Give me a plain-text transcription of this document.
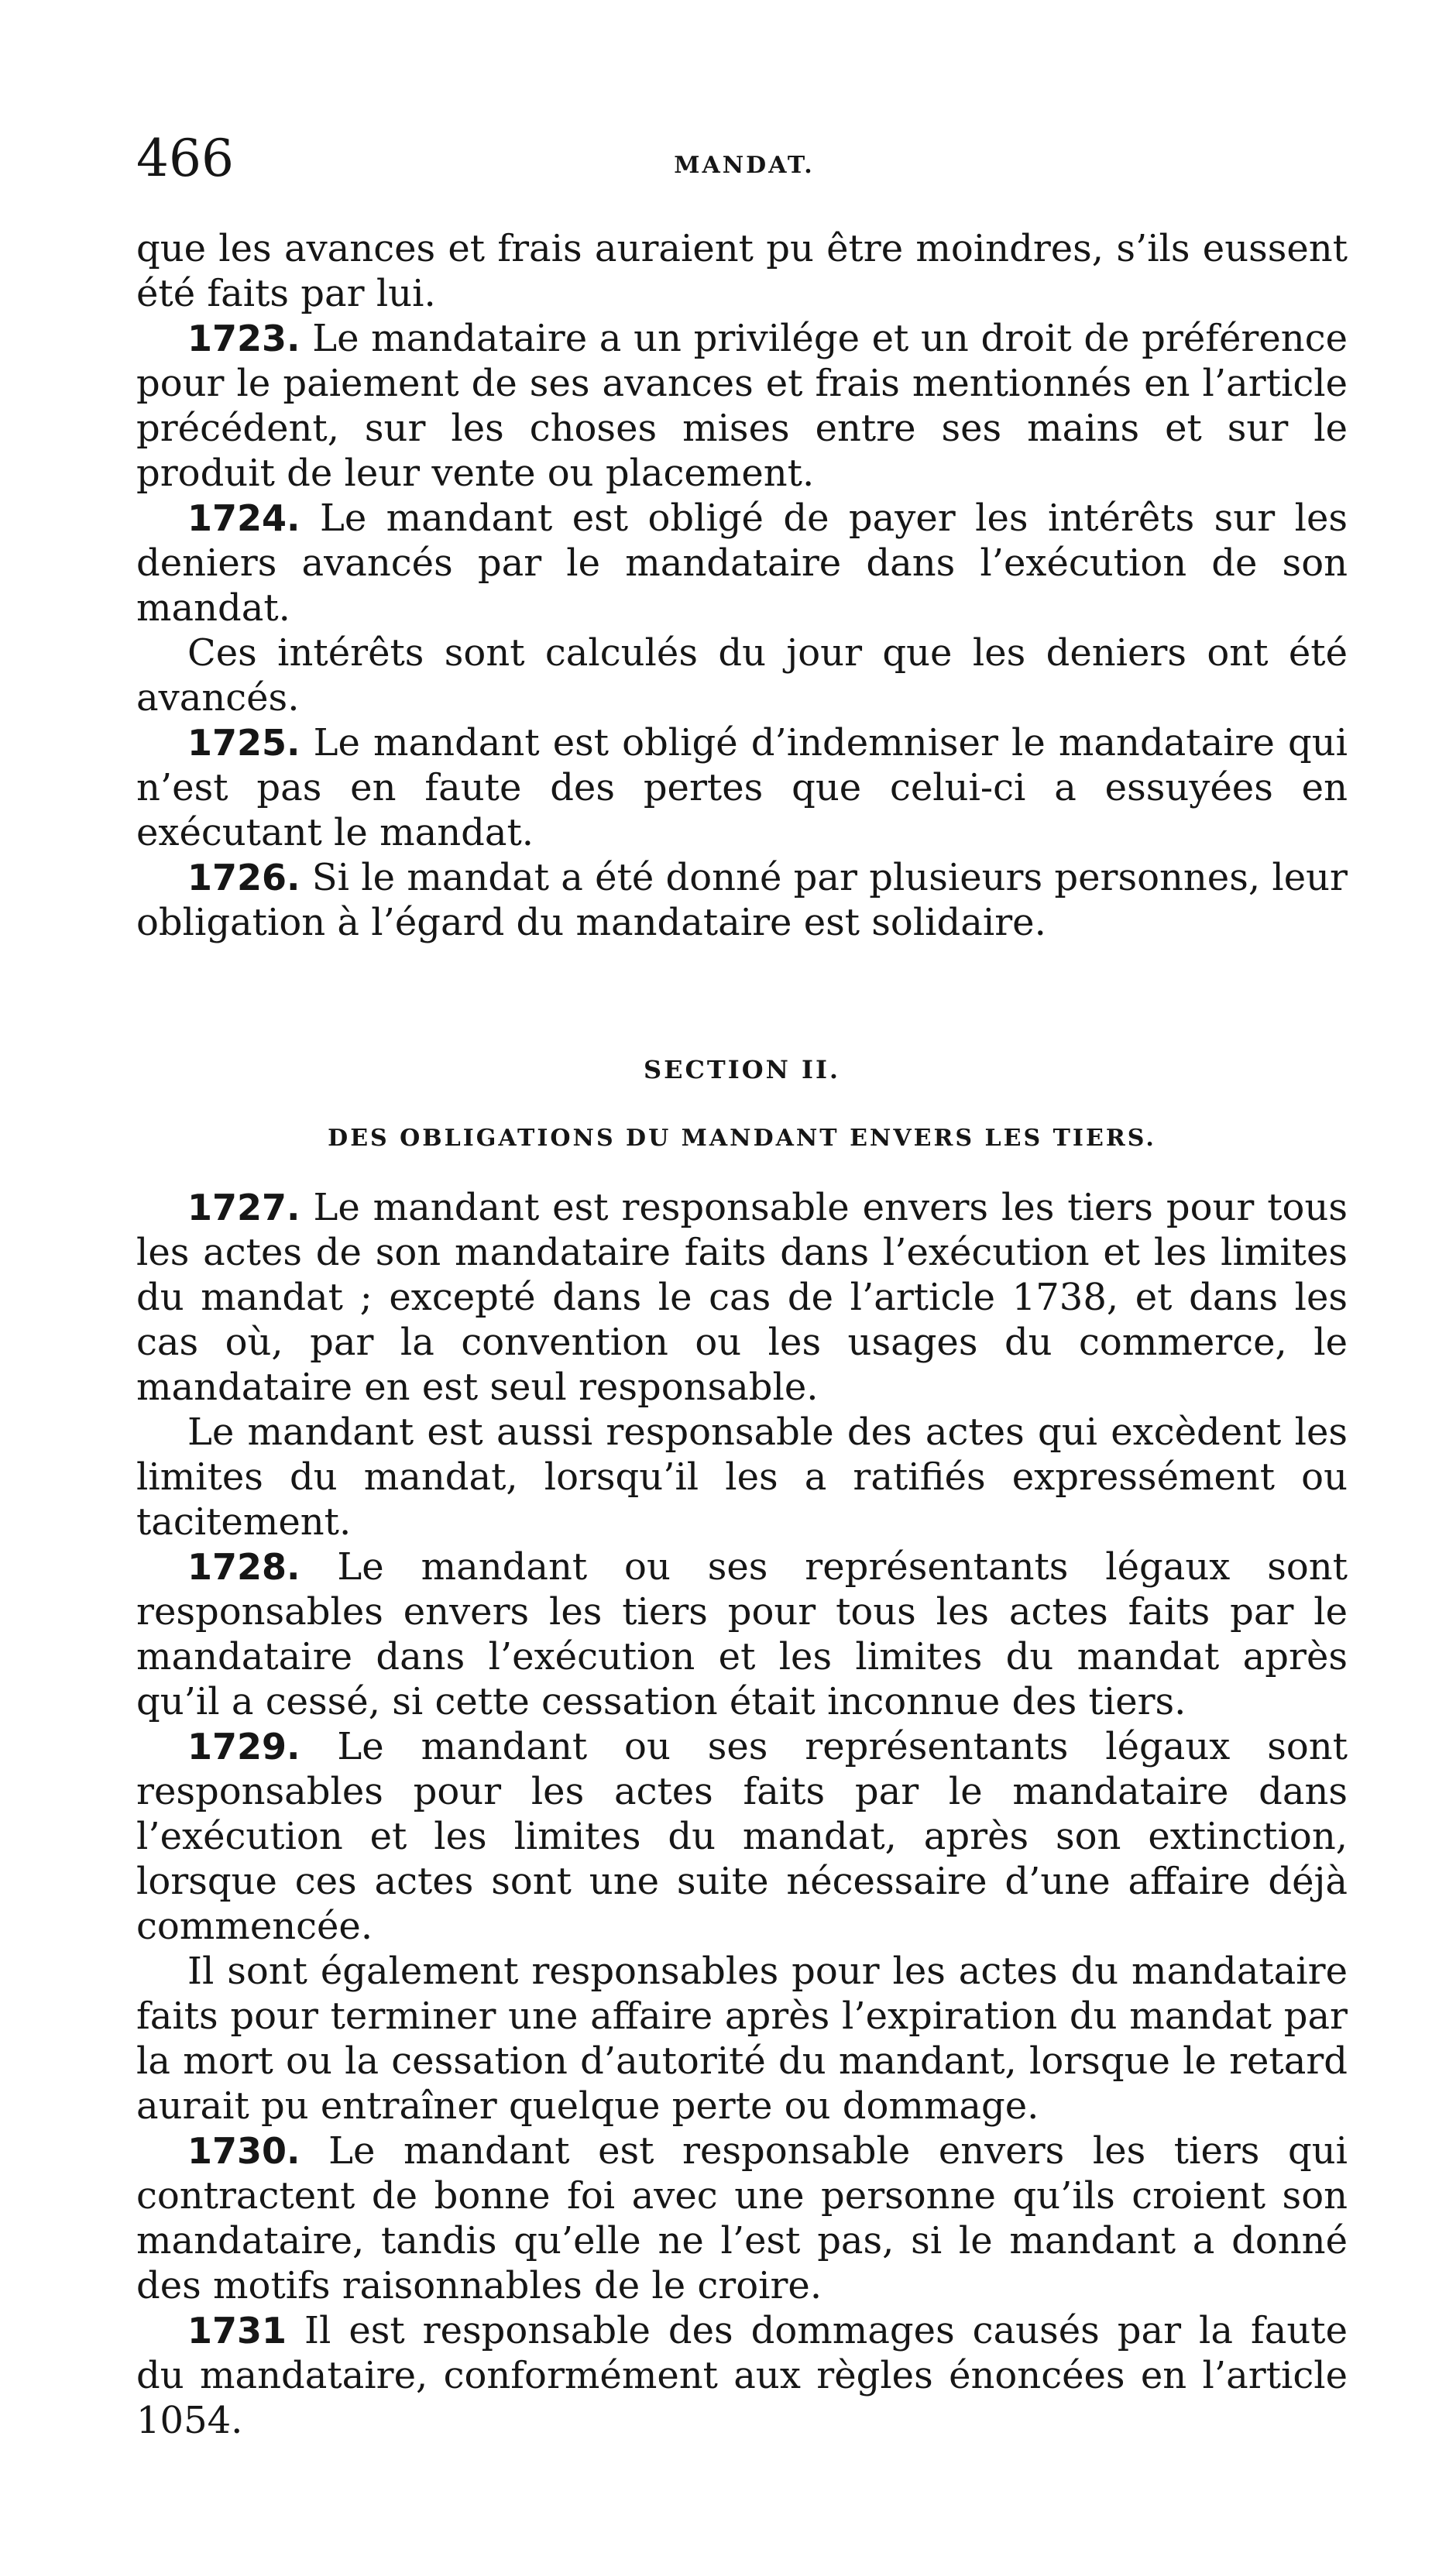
466	MANDAT.

que les avances et frais auraient pu être moindres, s’ils eussent été faits par lui.

1723. Le mandataire a un privilége et un droit de préférence pour le paiement de ses avances et frais mentionnés en l’article précédent, sur les choses mises entre ses mains et sur le produit de leur vente ou placement.

1724. Le mandant est obligé de payer les intérêts sur les deniers avancés par le mandataire dans l’exécution de son mandat.

Ces intérêts sont calculés du jour que les deniers ont été avancés.

1725. Le mandant est obligé d’indemniser le mandataire qui n’est pas en faute des pertes que celui-ci a essuyées en exécutant le mandat.

1726. Si le mandat a été donné par plusieurs personnes, leur obligation à l’égard du mandataire est solidaire.

SECTION II.
DES OBLIGATIONS DU MANDANT ENVERS LES TIERS.

1727. Le mandant est responsable envers les tiers pour tous les actes de son mandataire faits dans l’exécution et les limites du mandat ; excepté dans le cas de l’article 1738, et dans les cas où, par la convention ou les usages du commerce, le mandataire en est seul responsable.

Le mandant est aussi responsable des actes qui excèdent les limites du mandat, lorsqu’il les a ratifiés expressément ou tacitement.

1728. Le mandant ou ses représentants légaux sont responsables envers les tiers pour tous les actes faits par le mandataire dans l’exécution et les limites du mandat après qu’il a cessé, si cette cessation était inconnue des tiers.

1729. Le mandant ou ses représentants légaux sont responsables pour les actes faits par le mandataire dans l’exécution et les limites du mandat, après son extinction, lorsque ces actes sont une suite nécessaire d’une affaire déjà commencée.

Il sont également responsables pour les actes du mandataire faits pour terminer une affaire après l’expiration du mandat par la mort ou la cessation d’autorité du mandant, lorsque le retard aurait pu entraîner quelque perte ou dommage.

1730. Le mandant est responsable envers les tiers qui contractent de bonne foi avec une personne qu’ils croient son mandataire, tandis qu’elle ne l’est pas, si le mandant a donné des motifs raisonnables de le croire.

1731 Il est responsable des dommages causés par la faute du mandataire, conformément aux règles énoncées en l’article 1054.
